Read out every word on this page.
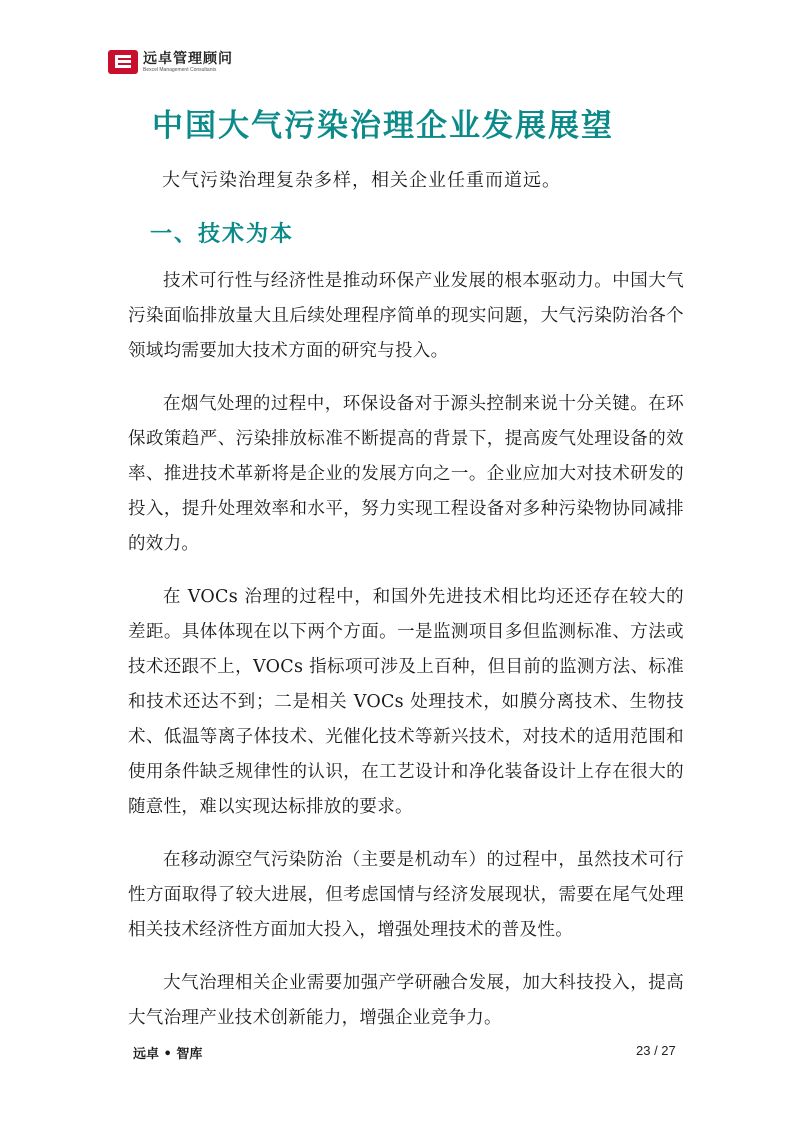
远卓管理顾问
Bexcel Management Consultants
中国大气污染治理企业发展展望

大气污染治理复杂多样，相关企业任重而道远。

一、技术为本

技术可行性与经济性是推动环保产业发展的根本驱动力。中国大气污染面临排放量大且后续处理程序简单的现实问题，大气污染防治各个领域均需要加大技术方面的研究与投入。

在烟气处理的过程中，环保设备对于源头控制来说十分关键。在环保政策趋严、污染排放标准不断提高的背景下，提高废气处理设备的效率、推进技术革新将是企业的发展方向之一。企业应加大对技术研发的投入，提升处理效率和水平，努力实现工程设备对多种污染物协同减排的效力。

在 VOCs 治理的过程中，和国外先进技术相比均还还存在较大的差距。具体体现在以下两个方面。一是监测项目多但监测标准、方法或技术还跟不上，VOCs 指标项可涉及上百种，但目前的监测方法、标准和技术还达不到；二是相关 VOCs 处理技术，如膜分离技术、生物技术、低温等离子体技术、光催化技术等新兴技术，对技术的适用范围和使用条件缺乏规律性的认识，在工艺设计和净化装备设计上存在很大的随意性，难以实现达标排放的要求。

在移动源空气污染防治（主要是机动车）的过程中，虽然技术可行性方面取得了较大进展，但考虑国情与经济发展现状，需要在尾气处理相关技术经济性方面加大投入，增强处理技术的普及性。

大气治理相关企业需要加强产学研融合发展，加大科技投入，提高大气治理产业技术创新能力，增强企业竞争力。

远卓 • 智库	23 / 27
